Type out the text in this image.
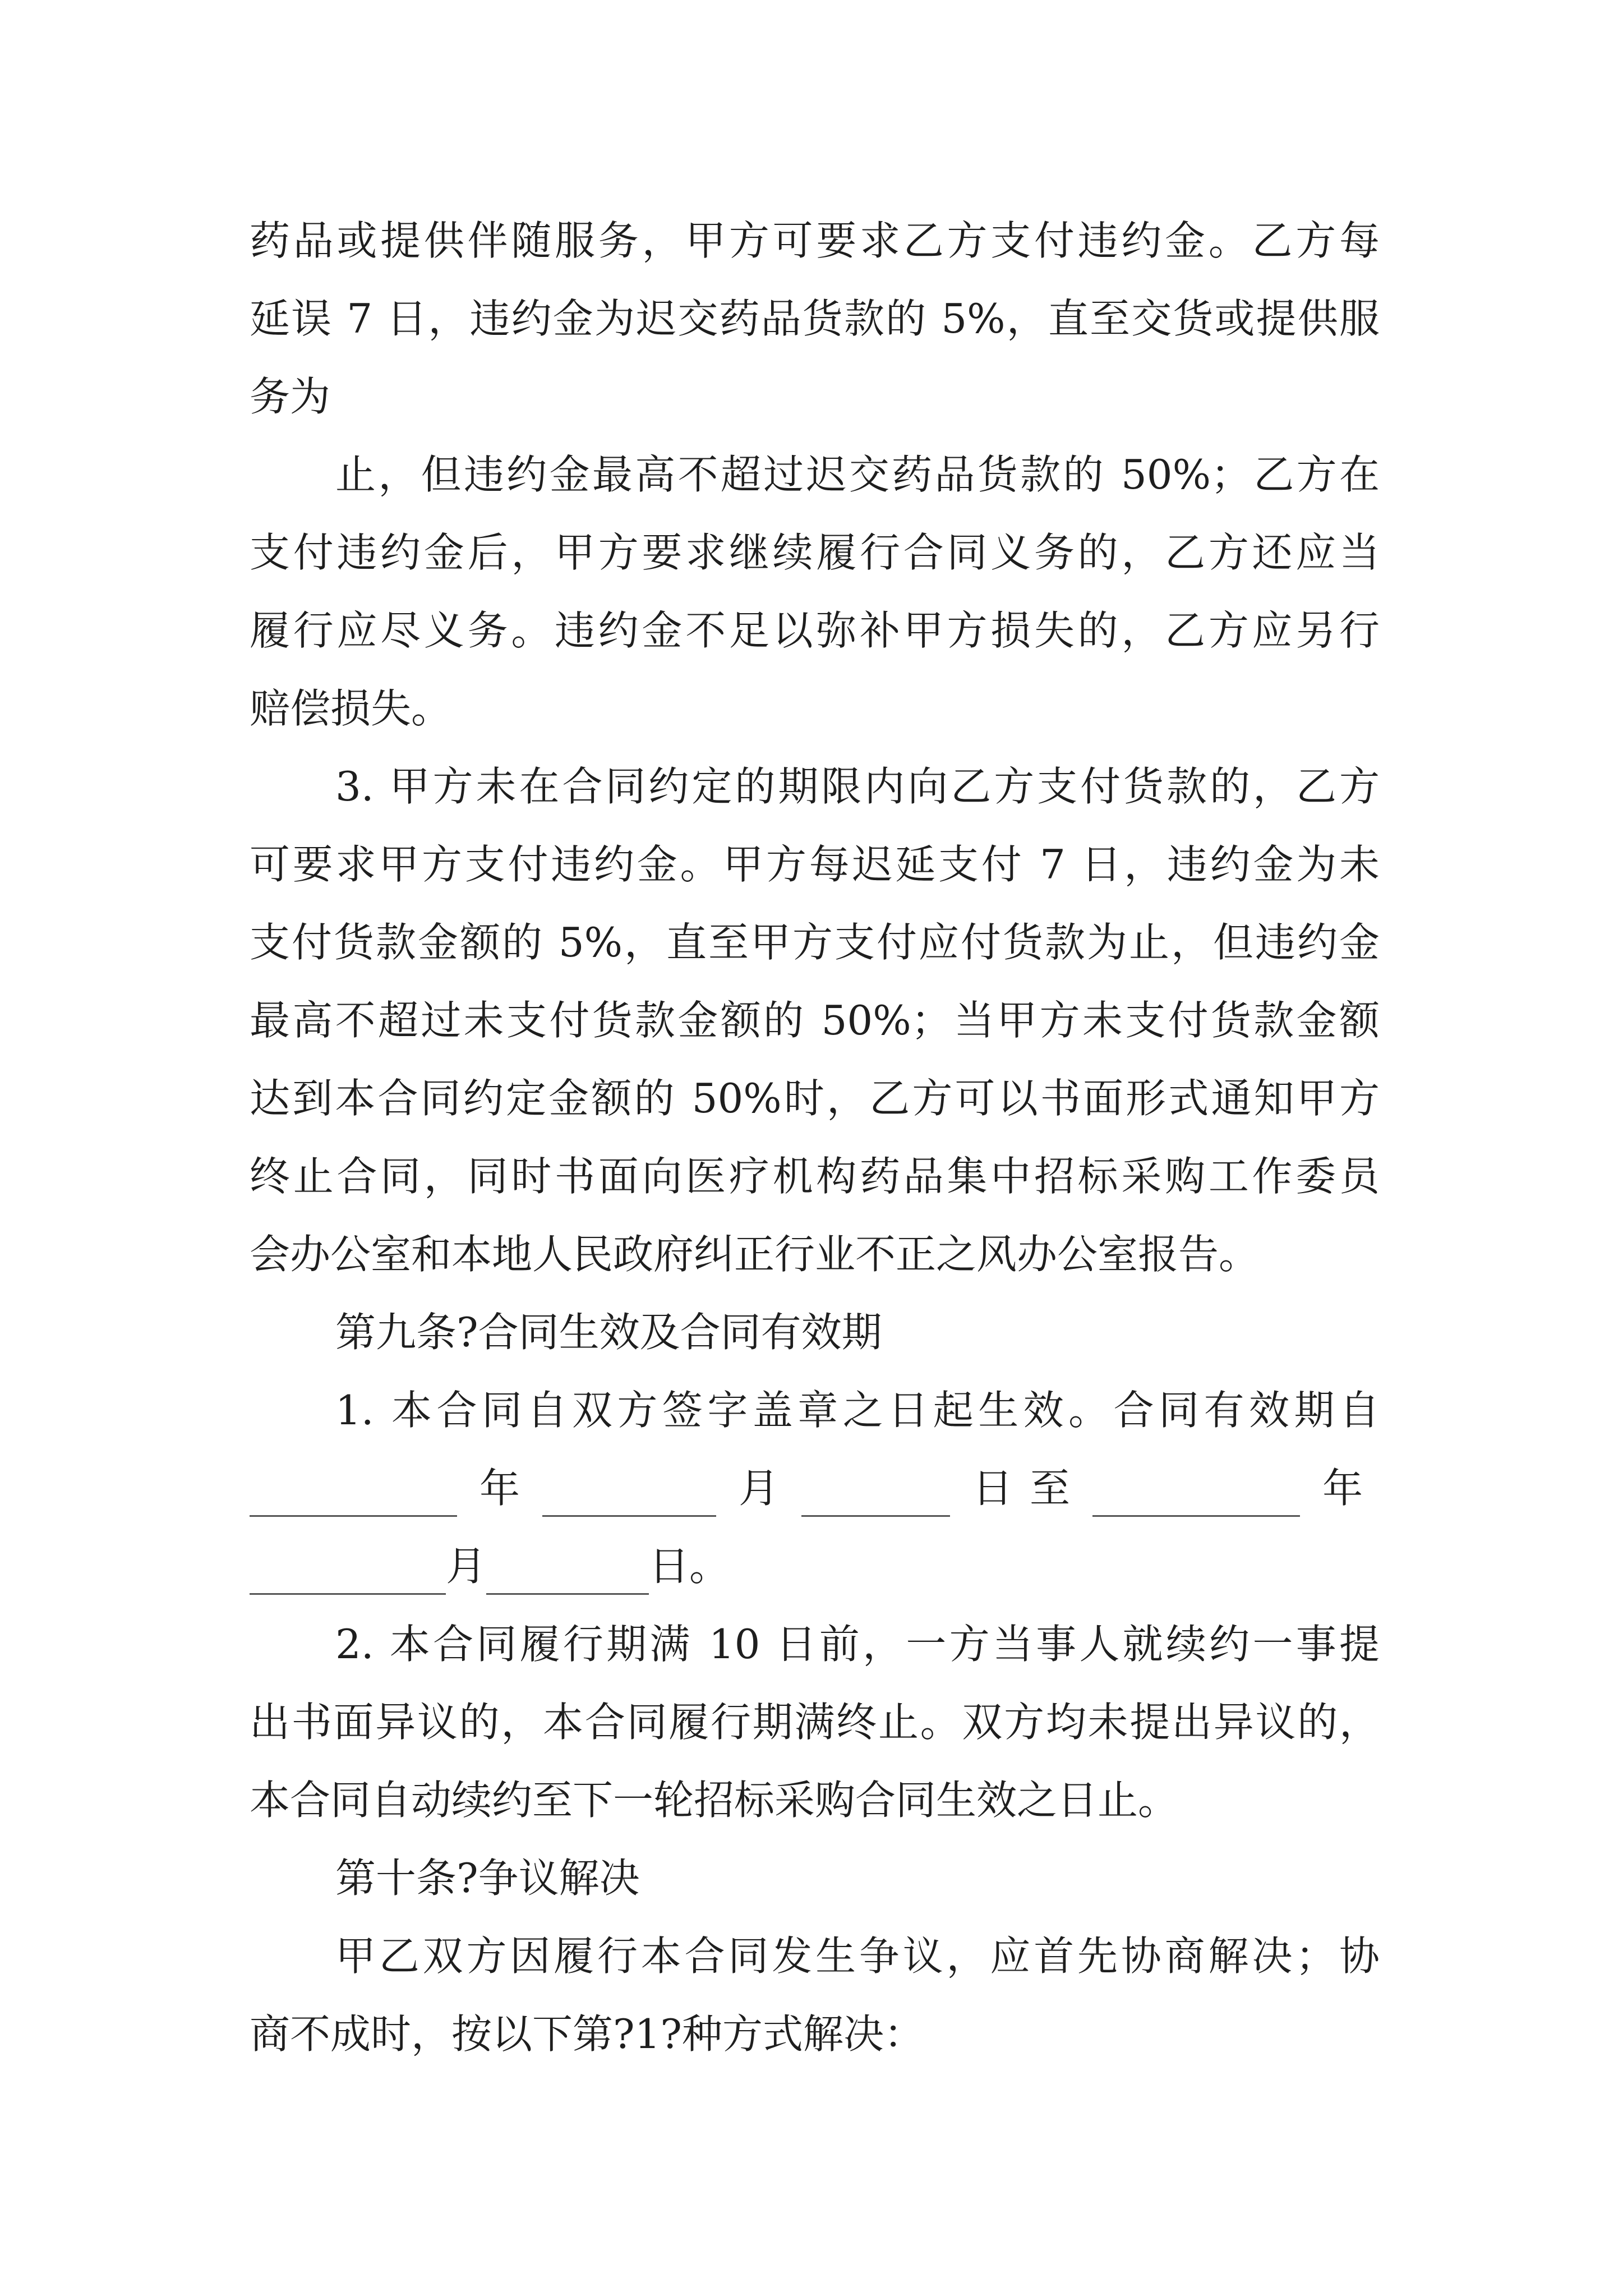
药品或提供伴随服务，甲方可要求乙方支付违约金。乙方每
延误 7 日，违约金为迟交药品货款的 5%，直至交货或提供服
务为
止，但违约金最高不超过迟交药品货款的 50%；乙方在
支付违约金后，甲方要求继续履行合同义务的，乙方还应当
履行应尽义务。违约金不足以弥补甲方损失的，乙方应另行
赔偿损失。
3. 甲方未在合同约定的期限内向乙方支付货款的，乙方
可要求甲方支付违约金。甲方每迟延支付 7 日，违约金为未
支付货款金额的 5%，直至甲方支付应付货款为止，但违约金
最高不超过未支付货款金额的 50%；当甲方未支付货款金额
达到本合同约定金额的 50%时，乙方可以书面形式通知甲方
终止合同，同时书面向医疗机构药品集中招标采购工作委员
会办公室和本地人民政府纠正行业不正之风办公室报告。
第九条?合同生效及合同有效期
1. 本合同自双方签字盖章之日起生效。合同有效期自
年	月	日 至	年
月	日。
2. 本合同履行期满 10 日前，一方当事人就续约一事提
出书面异议的，本合同履行期满终止。双方均未提出异议的，
本合同自动续约至下一轮招标采购合同生效之日止。
第十条?争议解决
甲乙双方因履行本合同发生争议，应首先协商解决；协
商不成时，按以下第?1?种方式解决：
